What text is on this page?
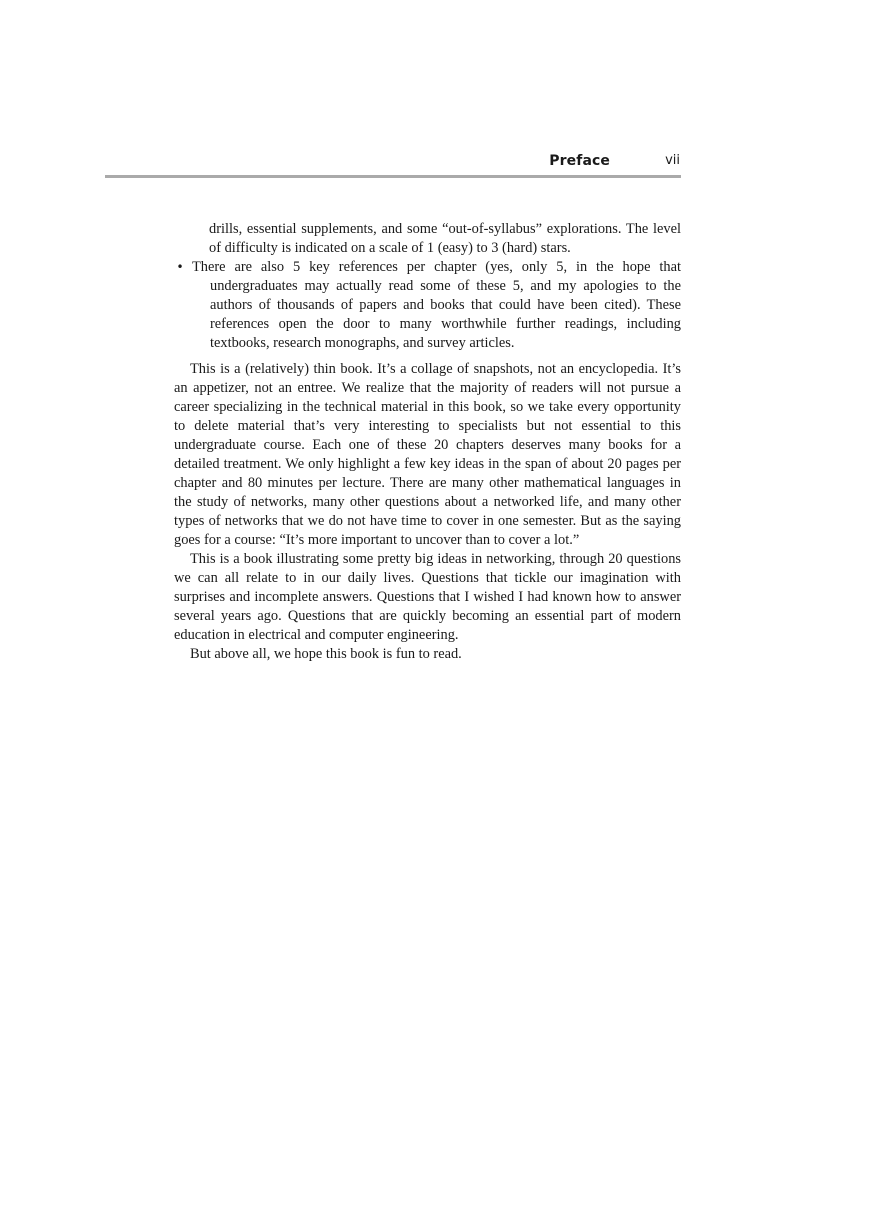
Preface	vii
drills, essential supplements, and some “out-of-syllabus” explorations. The level of difficulty is indicated on a scale of 1 (easy) to 3 (hard) stars.
• There are also 5 key references per chapter (yes, only 5, in the hope that undergraduates may actually read some of these 5, and my apologies to the authors of thousands of papers and books that could have been cited). These references open the door to many worthwhile further readings, including textbooks, research monographs, and survey articles.

This is a (relatively) thin book. It’s a collage of snapshots, not an encyclopedia. It’s an appetizer, not an entree. We realize that the majority of readers will not pursue a career specializing in the technical material in this book, so we take every opportunity to delete material that’s very interesting to specialists but not essential to this undergraduate course. Each one of these 20 chapters deserves many books for a detailed treatment. We only highlight a few key ideas in the span of about 20 pages per chapter and 80 minutes per lecture. There are many other mathematical languages in the study of networks, many other questions about a networked life, and many other types of networks that we do not have time to cover in one semester. But as the saying goes for a course: “It’s more important to uncover than to cover a lot.”

This is a book illustrating some pretty big ideas in networking, through 20 questions we can all relate to in our daily lives. Questions that tickle our imagination with surprises and incomplete answers. Questions that I wished I had known how to answer several years ago. Questions that are quickly becoming an essential part of modern education in electrical and computer engineering.

But above all, we hope this book is fun to read.
